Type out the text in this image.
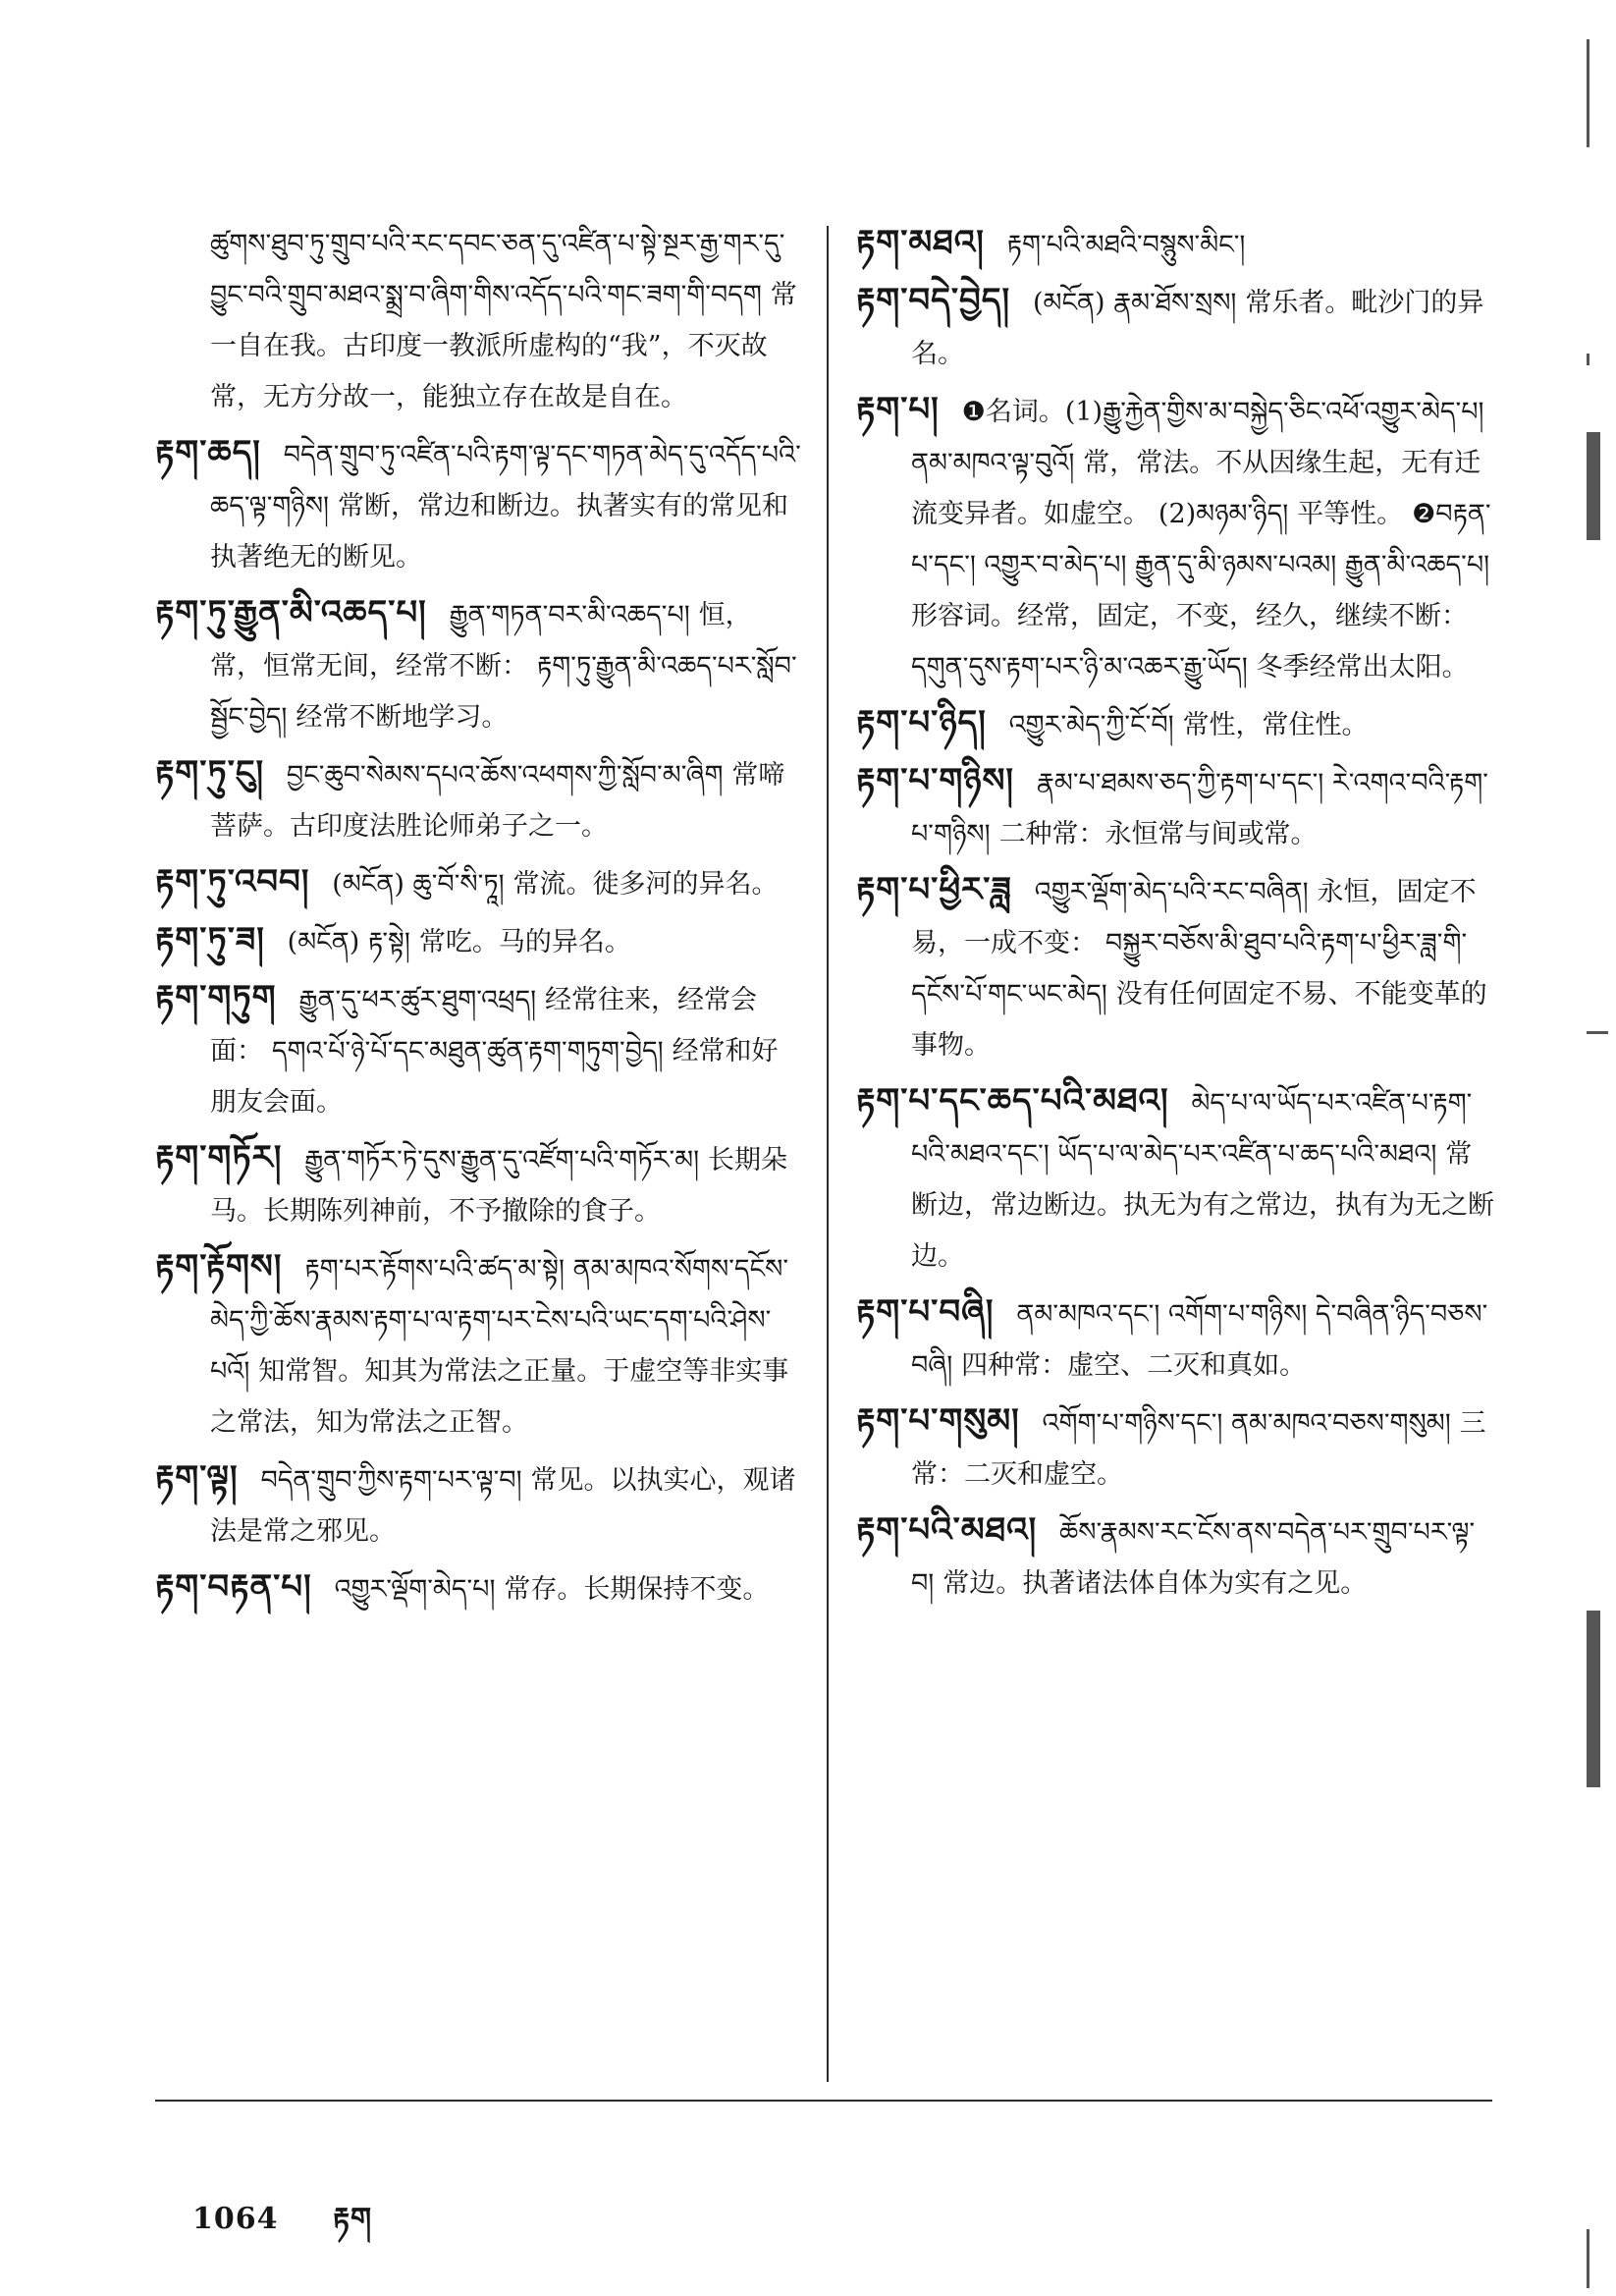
ཚུགས་ཐུབ་ཏུ་གྲུབ་པའི་རང་དབང་ཅན་དུ་འཛིན་པ་སྟེ་སྔར་རྒྱ་གར་དུ་བྱུང་བའི་གྲུབ་མཐའ་སྨྲ་བ་ཞིག་གིས་འདོད་པའི་གང་ཟག་གི་བདག 常一自在我。古印度一教派所虚构的“我”，不灭故常，无方分故一，能独立存在故是自在。
རྟག་ཆད། བདེན་གྲུབ་ཏུ་འཛིན་པའི་རྟག་ལྟ་དང་གཏན་མེད་དུ་འདོད་པའི་ཆད་ལྟ་གཉིས། 常断，常边和断边。执著实有的常见和执著绝无的断见。
རྟག་ཏུ་རྒྱུན་མི་འཆད་པ། རྒྱུན་གཏན་བར་མི་འཆད་པ། 恒，常，恒常无间，经常不断： རྟག་ཏུ་རྒྱུན་མི་འཆད་པར་སློབ་སྦྱོང་བྱེད། 经常不断地学习。
རྟག་ཏུ་ངུ། བྱང་ཆུབ་སེམས་དཔའ་ཆོས་འཕགས་ཀྱི་སློབ་མ་ཞིག 常啼菩萨。古印度法胜论师弟子之一。
རྟག་ཏུ་འབབ། (མངོན) ཆུ་བོ་སི་ཏཱ། 常流。徙多河的异名。
རྟག་ཏུ་ཟ། (མངོན) རྟ་སྟེ། 常吃。马的异名。
རྟག་གཏུག རྒྱུན་དུ་ཕར་ཚུར་ཐུག་འཕྲད། 经常往来，经常会面： དགའ་པོ་ཉེ་པོ་དང་མཐུན་ཚུན་རྟག་གཏུག་བྱེད། 经常和好朋友会面。
རྟག་གཏོར། རྒྱུན་གཏོར་ཏེ་དུས་རྒྱུན་དུ་འཛོག་པའི་གཏོར་མ། 长期朵马。长期陈列神前，不予撤除的食子。
རྟག་རྟོགས། རྟག་པར་རྟོགས་པའི་ཚད་མ་སྟེ། ནམ་མཁའ་སོགས་དངོས་མེད་ཀྱི་ཆོས་རྣམས་རྟག་པ་ལ་རྟག་པར་ངེས་པའི་ཡང་དག་པའི་ཤེས་པའོ། 知常智。知其为常法之正量。于虚空等非实事之常法，知为常法之正智。
རྟག་ལྟ། བདེན་གྲུབ་ཀྱིས་རྟག་པར་ལྟ་བ། 常见。以执实心，观诸法是常之邪见。
རྟག་བརྟན་པ། འགྱུར་ལྡོག་མེད་པ། 常存。长期保持不变。
རྟག་མཐའ། རྟག་པའི་མཐའི་བསྙུས་མིང་།
རྟག་བདེ་བྱེད། (མངོན) རྣམ་ཐོས་སྲས། 常乐者。毗沙门的异名。
རྟག་པ། ❶名词。(1)རྒྱུ་རྐྱེན་གྱིས་མ་བསྐྱེད་ཅིང་འཕོ་འགྱུར་མེད་པ། ནམ་མཁའ་ལྟ་བུའོ། 常，常法。不从因缘生起，无有迁流变异者。如虚空。 (2)མཉམ་ཉིད། 平等性。 ❷བརྟན་པ་དང་། འགྱུར་བ་མེད་པ། རྒྱུན་དུ་མི་ཉམས་པའམ། རྒྱུན་མི་འཆད་པ། 形容词。经常，固定，不变，经久，继续不断： དགུན་དུས་རྟག་པར་ཉི་མ་འཆར་རྒྱུ་ཡོད། 冬季经常出太阳。
རྟག་པ་ཉིད། འགྱུར་མེད་ཀྱི་ངོ་བོ། 常性，常住性。
རྟག་པ་གཉིས། རྣམ་པ་ཐམས་ཅད་ཀྱི་རྟག་པ་དང་། རེ་འགའ་བའི་རྟག་པ་གཉིས། 二种常：永恒常与间或常。
རྟག་པ་ཕྱིར་ཟླ འགྱུར་ལྡོག་མེད་པའི་རང་བཞིན། 永恒，固定不易，一成不变： བསྐྱུར་བཅོས་མི་ཐུབ་པའི་རྟག་པ་ཕྱིར་ཟླ་གི་དངོས་པོ་གང་ཡང་མེད། 没有任何固定不易、不能变革的事物。
རྟག་པ་དང་ཆད་པའི་མཐའ། མེད་པ་ལ་ཡོད་པར་འཛིན་པ་རྟག་པའི་མཐའ་དང་། ཡོད་པ་ལ་མེད་པར་འཛིན་པ་ཆད་པའི་མཐའ། 常断边，常边断边。执无为有之常边，执有为无之断边。
རྟག་པ་བཞི། ནམ་མཁའ་དང་། འགོག་པ་གཉིས། དེ་བཞིན་ཉིད་བཅས་བཞི། 四种常：虚空、二灭和真如。
རྟག་པ་གསུམ། འགོག་པ་གཉིས་དང་། ནམ་མཁའ་བཅས་གསུམ། 三常：二灭和虚空。
རྟག་པའི་མཐའ། ཆོས་རྣམས་རང་ངོས་ནས་བདེན་པར་གྲུབ་པར་ལྟ་བ། 常边。执著诸法体自体为实有之见。
1064 རྟག
